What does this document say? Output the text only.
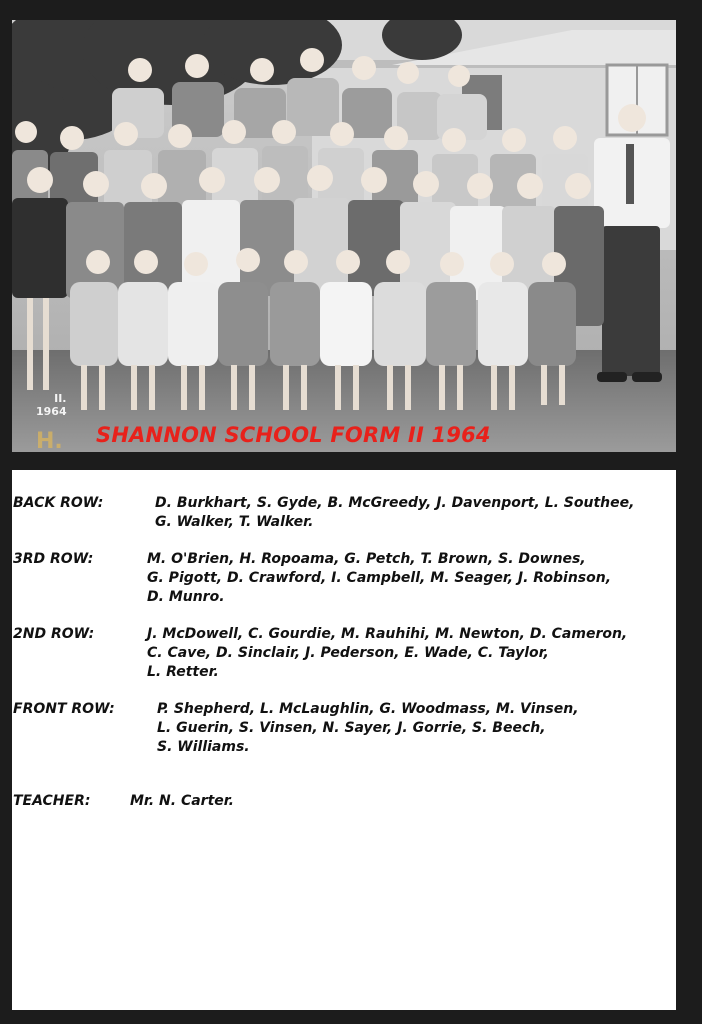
H.
II.
1964
SHANNON SCHOOL FORM II 1964
BACK ROW:	D. Burkhart, S. Gyde, B. McGreedy, J. Davenport, L. Southee,
G. Walker, T. Walker.
3RD ROW:	M. O'Brien, H. Ropoama, G. Petch, T. Brown, S. Downes,
G. Pigott, D. Crawford, I. Campbell, M. Seager, J. Robinson,
D. Munro.
2ND ROW:	J. McDowell, C. Gourdie, M. Rauhihi, M. Newton, D. Cameron,
C. Cave, D. Sinclair, J. Pederson, E. Wade, C. Taylor,
L. Retter.
FRONT ROW:	P. Shepherd, L. McLaughlin, G. Woodmass, M. Vinsen,
L. Guerin, S. Vinsen, N. Sayer, J. Gorrie, S. Beech,
S. Williams.
TEACHER:	Mr. N. Carter.
